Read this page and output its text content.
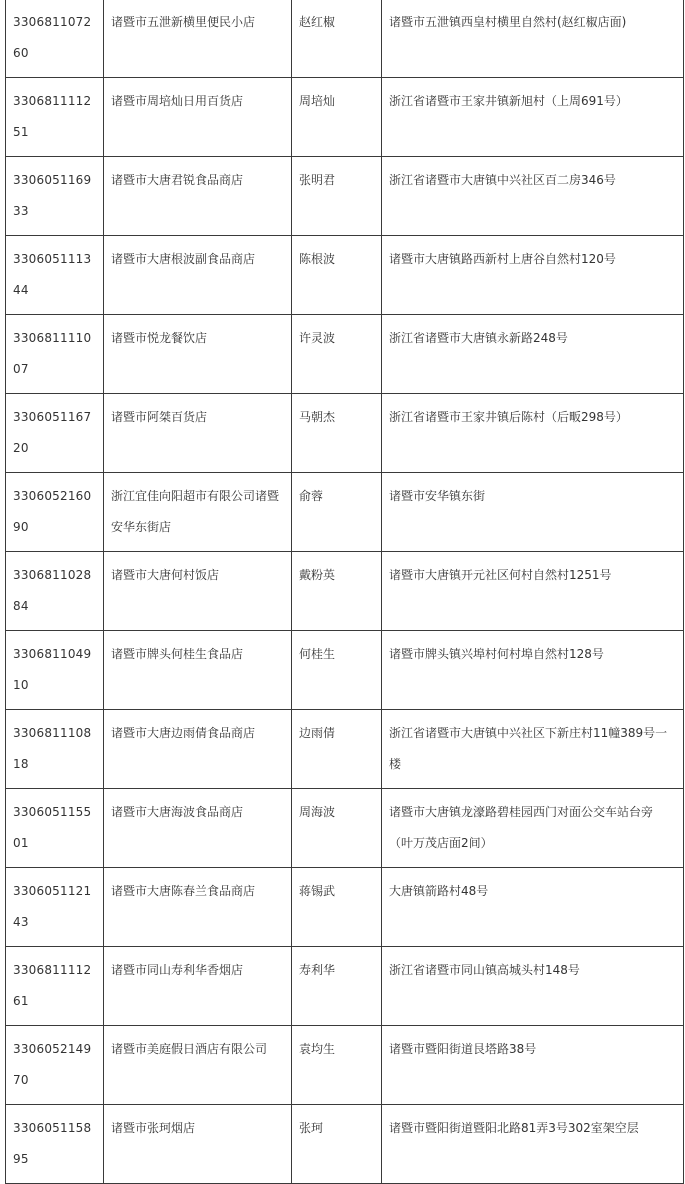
330681107260	诸暨市五泄新横里便民小店	赵红椒	诸暨市五泄镇西皇村横里自然村(赵红椒店面)
330681111251	诸暨市周培灿日用百货店	周培灿	浙江省诸暨市王家井镇新旭村（上周691号）
330605116933	诸暨市大唐君锐食品商店	张明君	浙江省诸暨市大唐镇中兴社区百二房346号
330605111344	诸暨市大唐根波副食品商店	陈根波	诸暨市大唐镇路西新村上唐谷自然村120号
330681111007	诸暨市悦龙餐饮店	许灵波	浙江省诸暨市大唐镇永新路248号
330605116720	诸暨市阿桀百货店	马朝杰	浙江省诸暨市王家井镇后陈村（后畈298号）
330605216090	浙江宜佳向阳超市有限公司诸暨安华东街店	俞蓉	诸暨市安华镇东街
330681102884	诸暨市大唐何村饭店	戴粉英	诸暨市大唐镇开元社区何村自然村1251号
330681104910	诸暨市牌头何桂生食品店	何桂生	诸暨市牌头镇兴埠村何村埠自然村128号
330681110818	诸暨市大唐边雨倩食品商店	边雨倩	浙江省诸暨市大唐镇中兴社区下新庄村11幢389号一楼
330605115501	诸暨市大唐海波食品商店	周海波	诸暨市大唐镇龙濠路碧桂园西门对面公交车站台旁（叶万茂店面2间）
330605112143	诸暨市大唐陈春兰食品商店	蒋锡武	大唐镇箭路村48号
330681111261	诸暨市同山寿利华香烟店	寿利华	浙江省诸暨市同山镇高城头村148号
330605214970	诸暨市美庭假日酒店有限公司	袁均生	诸暨市暨阳街道艮塔路38号
330605115895	诸暨市张珂烟店	张珂	诸暨市暨阳街道暨阳北路81弄3号302室架空层
